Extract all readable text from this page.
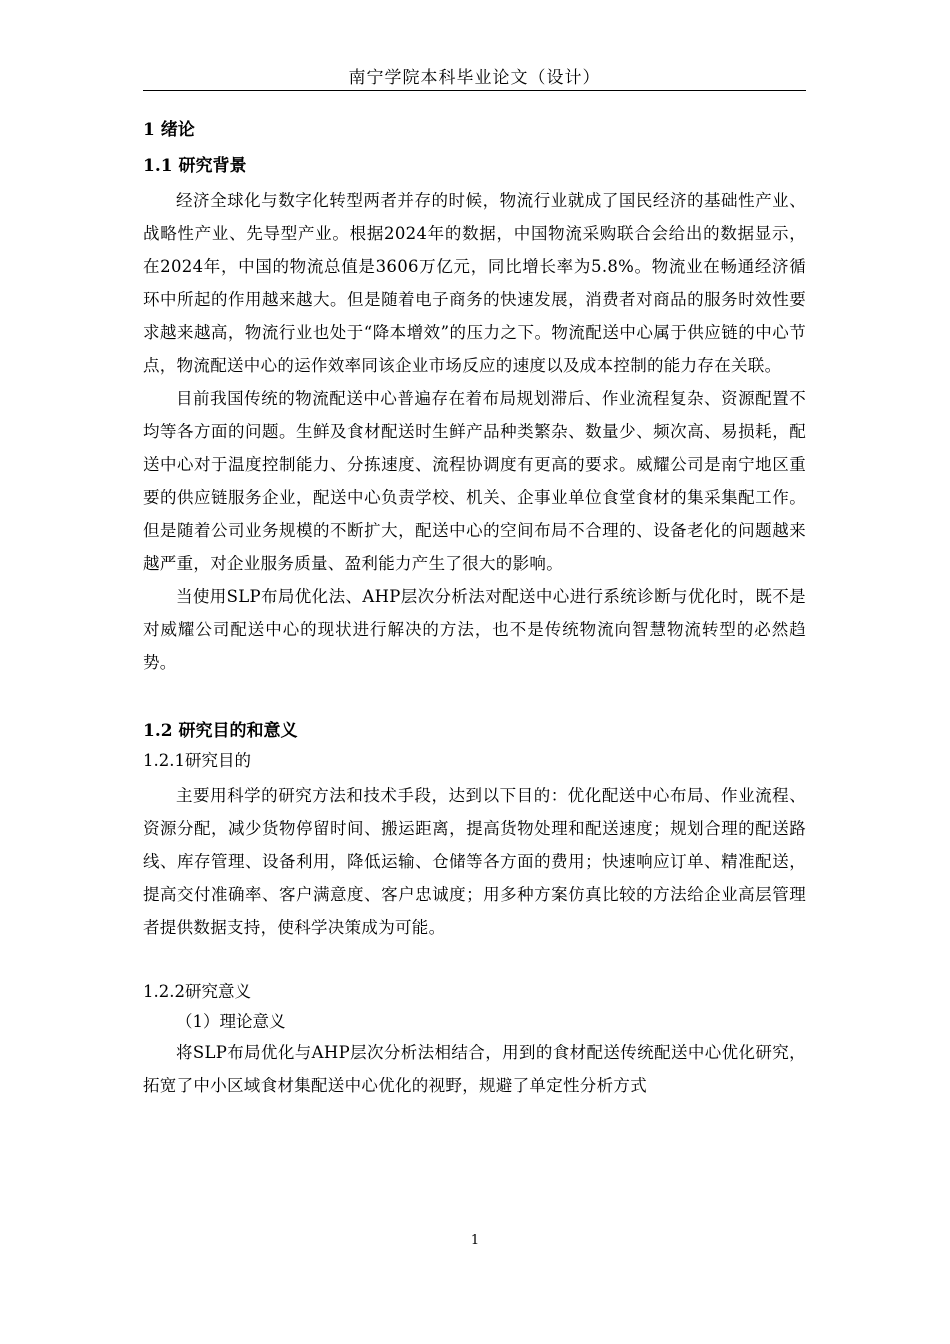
南宁学院本科毕业论文（设计）
1 绪论
1.1 研究背景

经济全球化与数字化转型两者并存的时候，物流行业就成了国民经济的基础性产业、战略性产业、先导型产业。根据2024年的数据，中国物流采购联合会给出的数据显示，在2024年，中国的物流总值是3606万亿元，同比增长率为5.8%。物流业在畅通经济循环中所起的作用越来越大。但是随着电子商务的快速发展，消费者对商品的服务时效性要求越来越高，物流行业也处于“降本增效”的压力之下。物流配送中心属于供应链的中心节点，物流配送中心的运作效率同该企业市场反应的速度以及成本控制的能力存在关联。

目前我国传统的物流配送中心普遍存在着布局规划滞后、作业流程复杂、资源配置不均等各方面的问题。生鲜及食材配送时生鲜产品种类繁杂、数量少、频次高、易损耗，配送中心对于温度控制能力、分拣速度、流程协调度有更高的要求。威耀公司是南宁地区重要的供应链服务企业，配送中心负责学校、机关、企事业单位食堂食材的集采集配工作。但是随着公司业务规模的不断扩大，配送中心的空间布局不合理的、设备老化的问题越来越严重，对企业服务质量、盈利能力产生了很大的影响。

当使用SLP布局优化法、AHP层次分析法对配送中心进行系统诊断与优化时，既不是对威耀公司配送中心的现状进行解决的方法，也不是传统物流向智慧物流转型的必然趋势。

1.2 研究目的和意义
1.2.1研究目的

主要用科学的研究方法和技术手段，达到以下目的：优化配送中心布局、作业流程、资源分配，减少货物停留时间、搬运距离，提高货物处理和配送速度；规划合理的配送路线、库存管理、设备利用，降低运输、仓储等各方面的费用；快速响应订单、精准配送，提高交付准确率、客户满意度、客户忠诚度；用多种方案仿真比较的方法给企业高层管理者提供数据支持，使科学决策成为可能。

1.2.2研究意义
（1）理论意义

将SLP布局优化与AHP层次分析法相结合，用到的食材配送传统配送中心优化研究，拓宽了中小区域食材集配送中心优化的视野，规避了单定性分析方式

1
